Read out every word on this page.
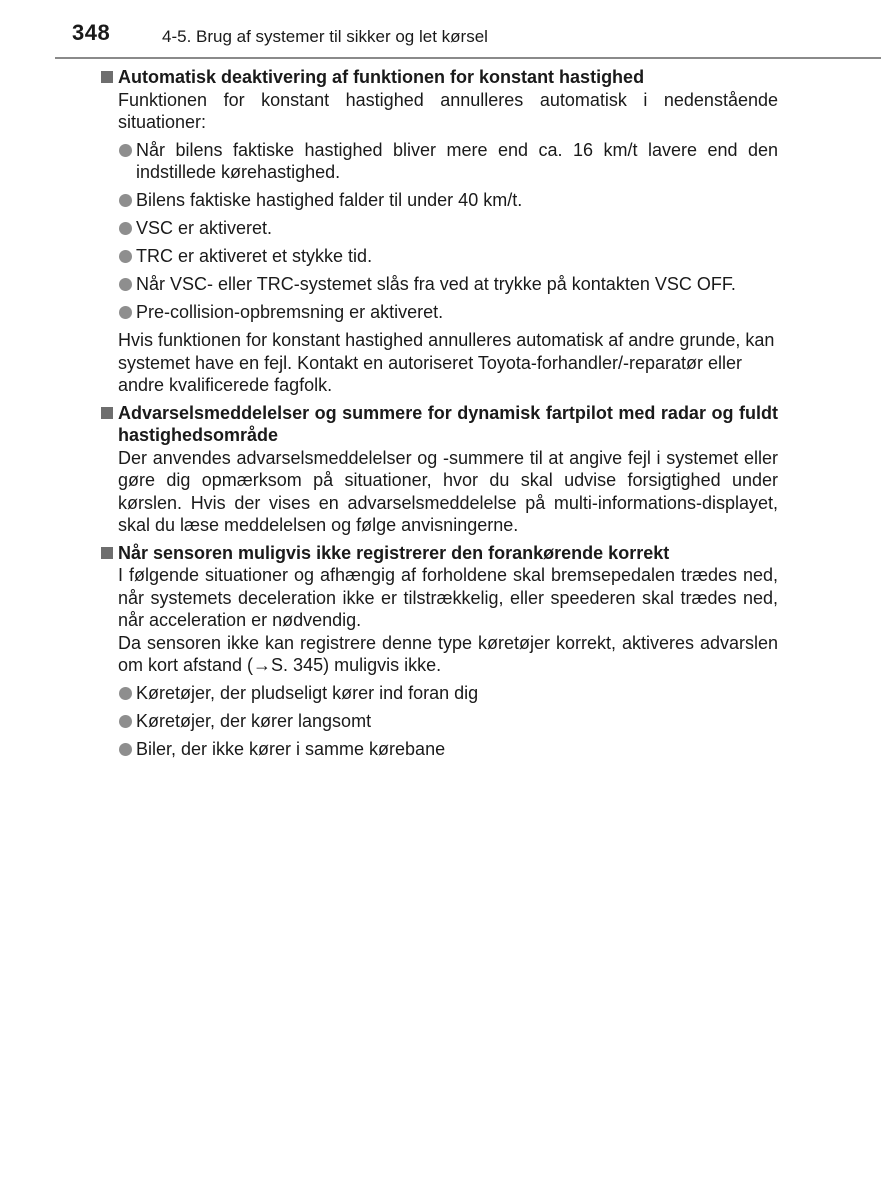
348	4-5. Brug af systemer til sikker og let kørsel
Automatisk deaktivering af funktionen for konstant hastighed
Funktionen for konstant hastighed annulleres automatisk i nedenstående situationer:
Når bilens faktiske hastighed bliver mere end ca. 16 km/t lavere end den indstillede kørehastighed.
Bilens faktiske hastighed falder til under 40 km/t.
VSC er aktiveret.
TRC er aktiveret et stykke tid.
Når VSC- eller TRC-systemet slås fra ved at trykke på kontakten VSC OFF.
Pre-collision-opbremsning er aktiveret.
Hvis funktionen for konstant hastighed annulleres automatisk af andre grunde, kan systemet have en fejl. Kontakt en autoriseret Toyota-forhandler/-reparatør eller andre kvalificerede fagfolk.
Advarselsmeddelelser og summere for dynamisk fartpilot med radar og fuldt hastighedsområde
Der anvendes advarselsmeddelelser og -summere til at angive fejl i systemet eller gøre dig opmærksom på situationer, hvor du skal udvise forsigtighed under kørslen. Hvis der vises en advarselsmeddelelse på multi-informations-displayet, skal du læse meddelelsen og følge anvisningerne.
Når sensoren muligvis ikke registrerer den forankørende korrekt
I følgende situationer og afhængig af forholdene skal bremsepedalen trædes ned, når systemets deceleration ikke er tilstrækkelig, eller speederen skal trædes ned, når acceleration er nødvendig.
Da sensoren ikke kan registrere denne type køretøjer korrekt, aktiveres advarslen om kort afstand (→S. 345) muligvis ikke.
Køretøjer, der pludseligt kører ind foran dig
Køretøjer, der kører langsomt
Biler, der ikke kører i samme kørebane
